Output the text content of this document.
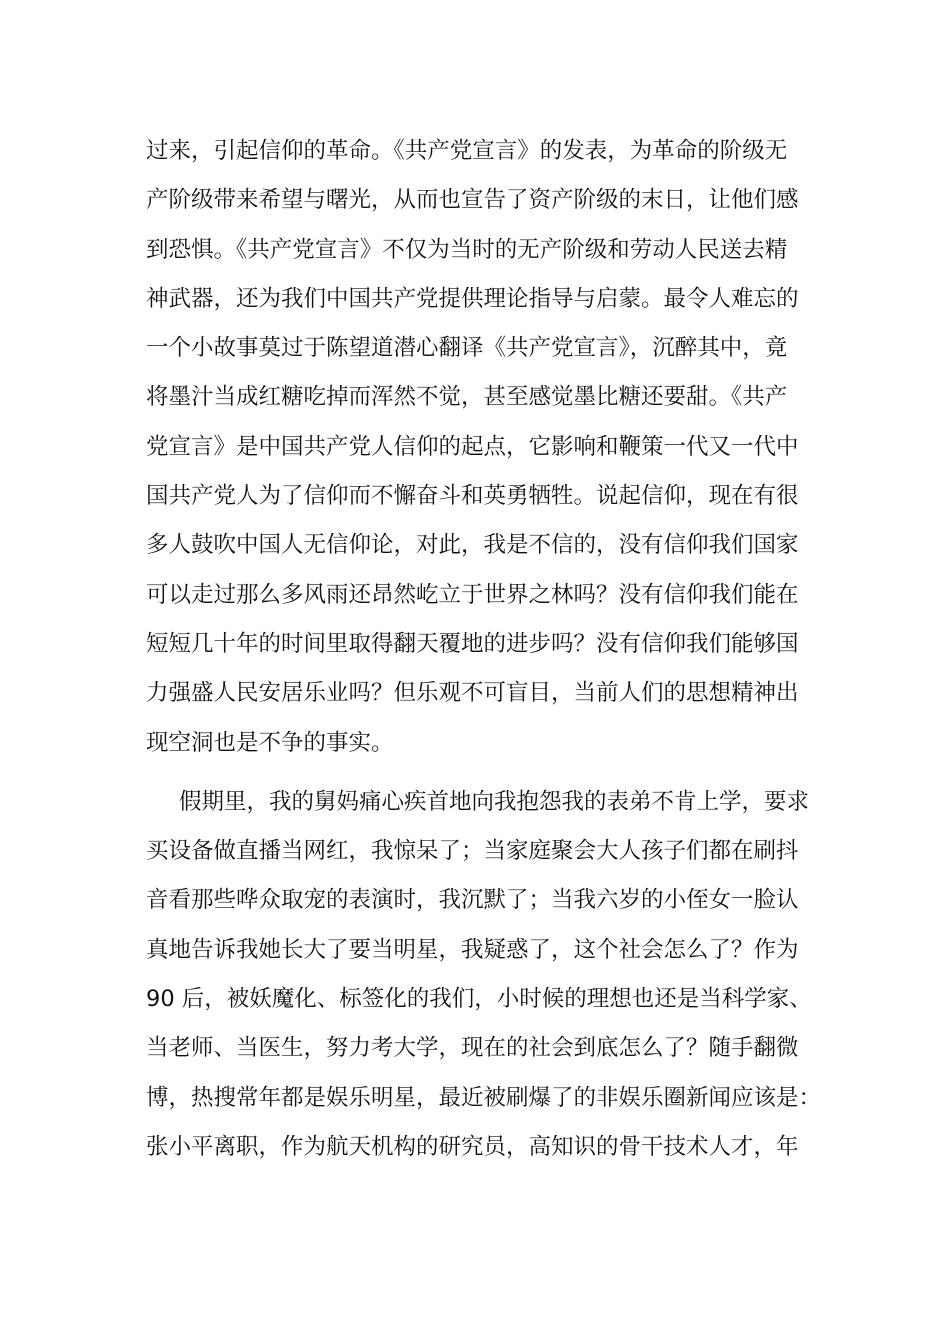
过来，引起信仰的革命。《共产党宣言》的发表，为革命的阶级无
产阶级带来希望与曙光，从而也宣告了资产阶级的末日，让他们感
到恐惧。《共产党宣言》不仅为当时的无产阶级和劳动人民送去精
神武器，还为我们中国共产党提供理论指导与启蒙。最令人难忘的
一个小故事莫过于陈望道潜心翻译《共产党宣言》，沉醉其中，竟
将墨汁当成红糖吃掉而浑然不觉，甚至感觉墨比糖还要甜。《共产
党宣言》是中国共产党人信仰的起点，它影响和鞭策一代又一代中
国共产党人为了信仰而不懈奋斗和英勇牺牲。说起信仰，现在有很
多人鼓吹中国人无信仰论，对此，我是不信的，没有信仰我们国家
可以走过那么多风雨还昂然屹立于世界之林吗？没有信仰我们能在
短短几十年的时间里取得翻天覆地的进步吗？没有信仰我们能够国
力强盛人民安居乐业吗？但乐观不可盲目，当前人们的思想精神出
现空洞也是不争的事实。
假期里，我的舅妈痛心疾首地向我抱怨我的表弟不肯上学，要求
买设备做直播当网红，我惊呆了；当家庭聚会大人孩子们都在刷抖
音看那些哗众取宠的表演时，我沉默了；当我六岁的小侄女一脸认
真地告诉我她长大了要当明星，我疑惑了，这个社会怎么了？作为
90 后，被妖魔化、标签化的我们，小时候的理想也还是当科学家、
当老师、当医生，努力考大学，现在的社会到底怎么了？随手翻微
博，热搜常年都是娱乐明星，最近被刷爆了的非娱乐圈新闻应该是：
张小平离职，作为航天机构的研究员，高知识的骨干技术人才，年
